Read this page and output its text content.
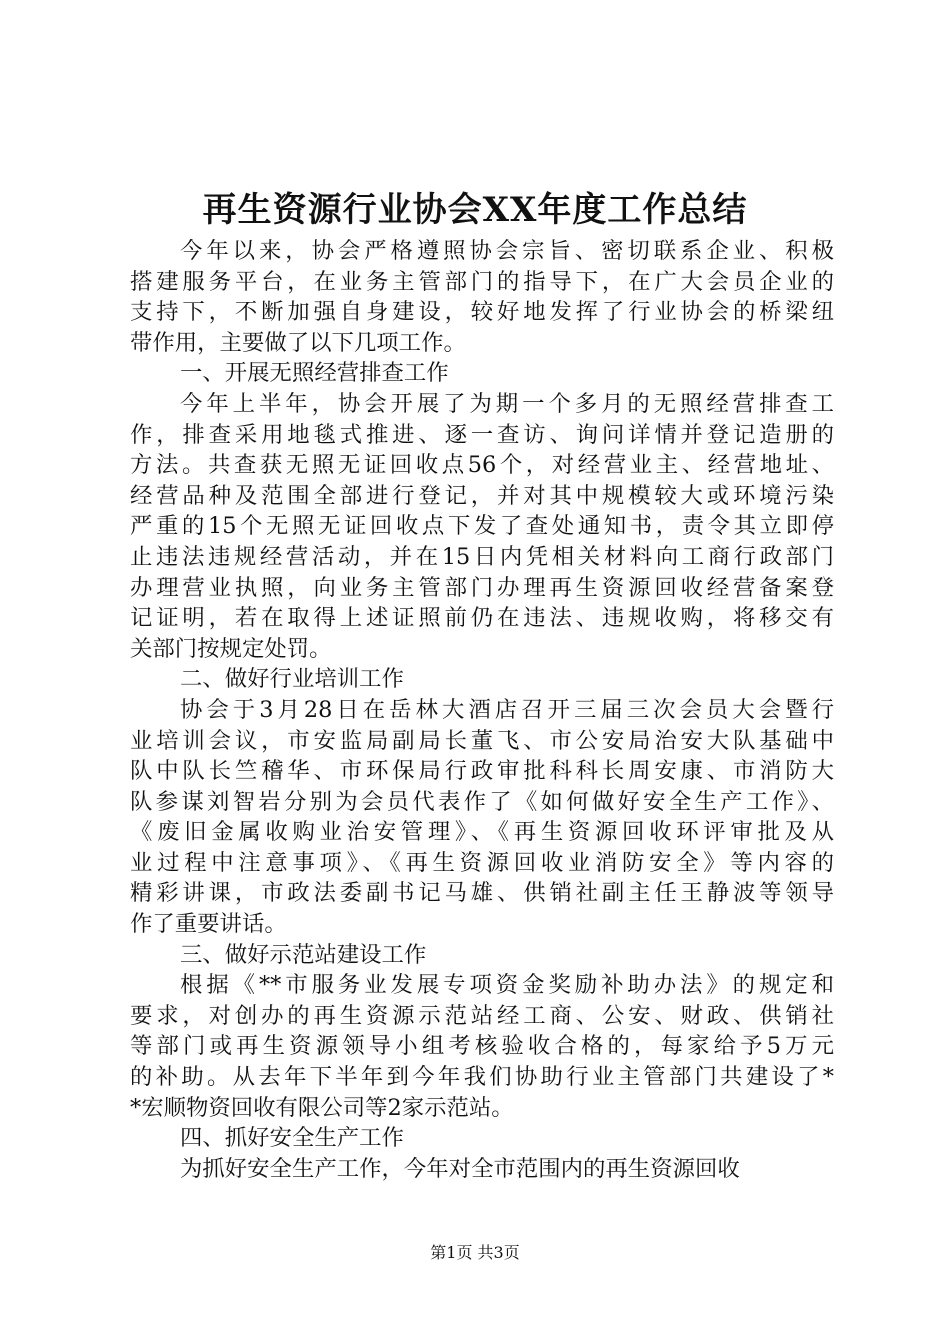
再生资源行业协会XX年度工作总结
今年以来，协会严格遵照协会宗旨、密切联系企业、积极
搭建服务平台，在业务主管部门的指导下，在广大会员企业的
支持下，不断加强自身建设，较好地发挥了行业协会的桥梁纽
带作用，主要做了以下几项工作。
一、开展无照经营排查工作
今年上半年，协会开展了为期一个多月的无照经营排查工
作，排查采用地毯式推进、逐一查访、询问详情并登记造册的
方法。共查获无照无证回收点56个，对经营业主、经营地址、
经营品种及范围全部进行登记，并对其中规模较大或环境污染
严重的15个无照无证回收点下发了查处通知书，责令其立即停
止违法违规经营活动，并在15日内凭相关材料向工商行政部门
办理营业执照，向业务主管部门办理再生资源回收经营备案登
记证明，若在取得上述证照前仍在违法、违规收购，将移交有
关部门按规定处罚。
二、做好行业培训工作
协会于3月28日在岳林大酒店召开三届三次会员大会暨行
业培训会议，市安监局副局长董飞、市公安局治安大队基础中
队中队长竺稽华、市环保局行政审批科科长周安康、市消防大
队参谋刘智岩分别为会员代表作了《如何做好安全生产工作》、
《废旧金属收购业治安管理》、《再生资源回收环评审批及从
业过程中注意事项》、《再生资源回收业消防安全》等内容的
精彩讲课，市政法委副书记马雄、供销社副主任王静波等领导
作了重要讲话。
三、做好示范站建设工作
根据《**市服务业发展专项资金奖励补助办法》的规定和
要求，对创办的再生资源示范站经工商、公安、财政、供销社
等部门或再生资源领导小组考核验收合格的，每家给予5万元
的补助。从去年下半年到今年我们协助行业主管部门共建设了*
*宏顺物资回收有限公司等2家示范站。
四、抓好安全生产工作
为抓好安全生产工作，今年对全市范围内的再生资源回收
第1页 共3页
